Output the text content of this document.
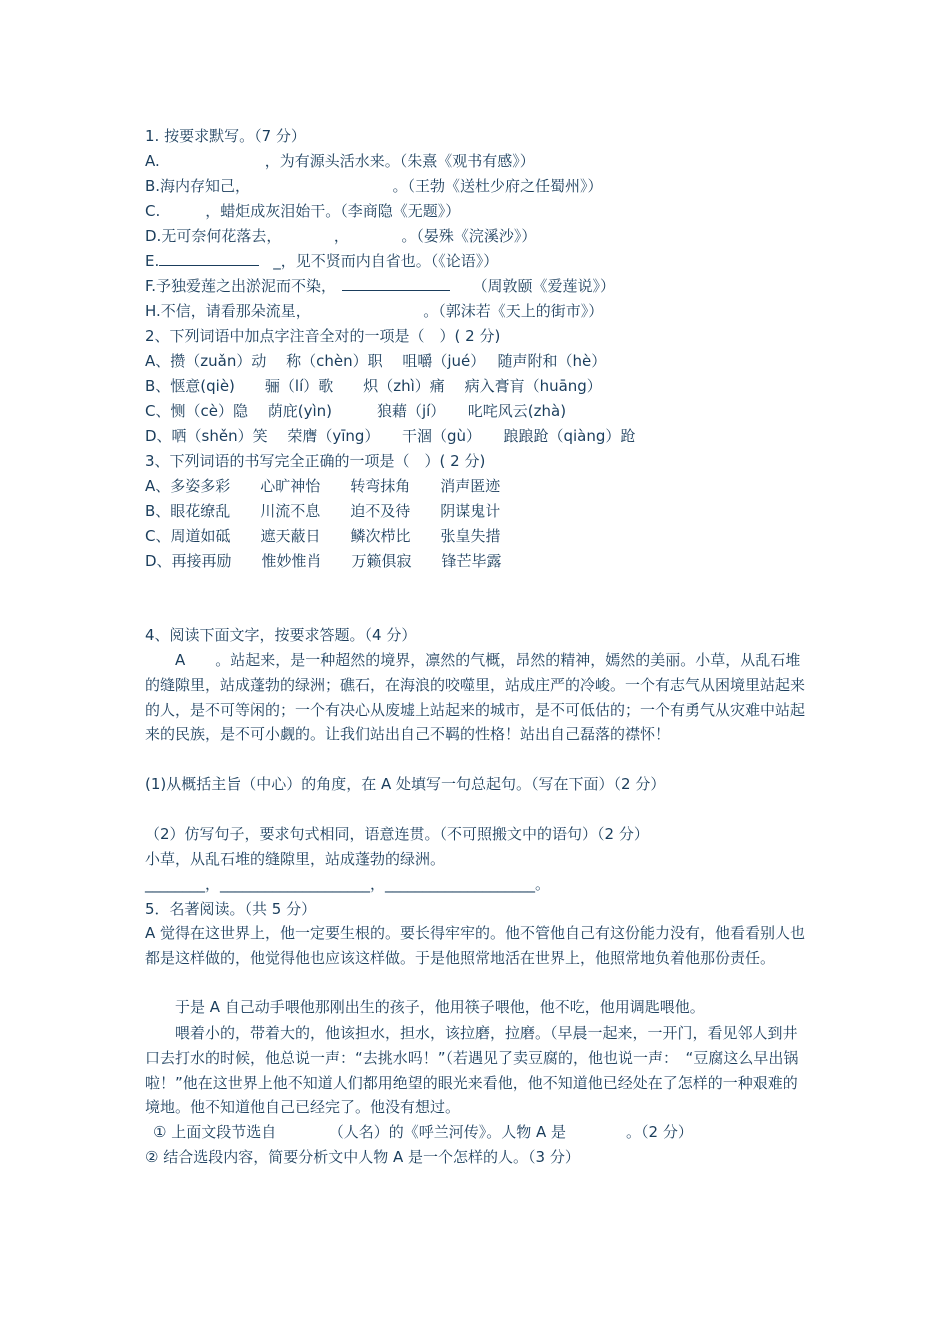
1. 按要求默写。（7 分）
A.　　　　　　　，为有源头活水来。（朱熹《观书有感》）
B.海内存知己，　　　　　　　　　　。（王勃《送杜少府之任蜀州》）
C.　　　，蜡炬成灰泪始干。（李商隐《无题》）
D.无可奈何花落去，　　　　，　　　　。（晏殊《浣溪沙》）
E.	_，见不贤而内自省也。（《论语》）
F.予独爱莲之出淤泥而不染，	　　（周敦颐《爱莲说》）
H.不信，请看那朵流星，　　　　　　　　。（郭沫若《天上的街市》）
2、下列词语中加点字注音全对的一项是（　）( 2 分)
A、攒（zuǎn）动　 称（chèn）职　 咀嚼（jué）　 随声附和（hè）
B、惬意(qiè)　　骊（lí）歌　　炽（zhì）痛　 病入膏肓（huāng）
C、恻（cè）隐　 荫庇(yìn)　　　狼藉（jí）　　叱咤风云(zhà)
D、哂（shěn）笑　 荣膺（yīng）　　干涸（gù）　　踉踉跄（qiàng）跄
3、下列词语的书写完全正确的一项是（　）( 2 分)
A、多姿多彩　　心旷神怡　　转弯抹角　　消声匿迹
B、眼花缭乱　　川流不息　　迫不及待　　阴谋鬼计
C、周道如砥　　遮天蔽日　　鳞次栉比　　张皇失措
D、再接再励　　惟妙惟肖　　万籁俱寂　　锋芒毕露
4、阅读下面文字，按要求答题。（4 分）
A　　。站起来，是一种超然的境界，凛然的气概，昂然的精神，嫣然的美丽。小草，从乱石堆的缝隙里，站成蓬勃的绿洲；礁石，在海浪的咬噬里，站成庄严的冷峻。一个有志气从困境里站起来的人，是不可等闲的；一个有决心从废墟上站起来的城市，是不可低估的；一个有勇气从灾难中站起来的民族，是不可小觑的。让我们站出自己不羁的性格！站出自己磊落的襟怀！
(1)从概括主旨（中心）的角度，在 A 处填写一句总起句。（写在下面）（2 分）
（2）仿写句子，要求句式相同，语意连贯。（不可照搬文中的语句）（2 分）
小草，从乱石堆的缝隙里，站成蓬勃的绿洲。
________，____________________，____________________。
5．名著阅读。（共 5 分）
A 觉得在这世界上，他一定要生根的。要长得牢牢的。他不管他自己有这份能力没有，他看看别人也都是这样做的，他觉得他也应该这样做。于是他照常地活在世界上，他照常地负着他那份责任。
于是 A 自己动手喂他那刚出生的孩子，他用筷子喂他，他不吃，他用调匙喂他。
喂着小的，带着大的，他该担水，担水，该拉磨，拉磨。（早晨一起来，一开门，看见邻人到井口去打水的时候，他总说一声：“去挑水吗！”（若遇见了卖豆腐的，他也说一声：　“豆腐这么早出锅啦！”他在这世界上他不知道人们都用绝望的眼光来看他，他不知道他已经处在了怎样的一种艰难的境地。他不知道他自己已经完了。他没有想过。
① 上面文段节选自　　　　（人名）的《呼兰河传》。人物 A 是　　　　。（2 分）
② 结合选段内容，简要分析文中人物 A 是一个怎样的人。（3 分）
